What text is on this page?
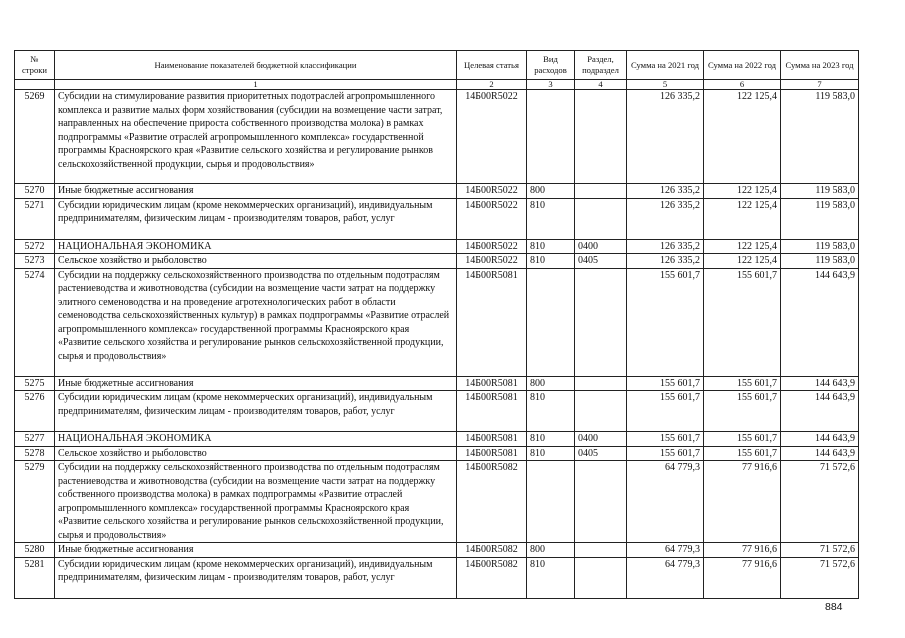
№ строки	Наименование показателей бюджетной классификации	Целевая статья	Вид расходов	Раздел, подраздел	Сумма на 2021 год	Сумма на 2022 год	Сумма на 2023 год
	1	2	3	4	5	6	7
5269	Субсидии на стимулирование развития приоритетных подотраслей агропромышленного комплекса и развитие малых форм хозяйствования (субсидии на возмещение части затрат, направленных на обеспечение прироста собственного производства молока) в рамках подпрограммы «Развитие отраслей агропромышленного комплекса» государственной программы Красноярского края «Развитие сельского хозяйства и регулирование рынков сельскохозяйственной продукции, сырья и продовольствия»	14Б00R5022			126 335,2	122 125,4	119 583,0
5270	Иные бюджетные ассигнования	14Б00R5022	800		126 335,2	122 125,4	119 583,0
5271	Субсидии юридическим лицам (кроме некоммерческих организаций), индивидуальным предпринимателям, физическим лицам - производителям товаров, работ, услуг	14Б00R5022	810		126 335,2	122 125,4	119 583,0
5272	НАЦИОНАЛЬНАЯ ЭКОНОМИКА	14Б00R5022	810	0400	126 335,2	122 125,4	119 583,0
5273	Сельское хозяйство и рыболовство	14Б00R5022	810	0405	126 335,2	122 125,4	119 583,0
5274	Субсидии на поддержку сельскохозяйственного производства по отдельным подотраслям растениеводства и животноводства (субсидии на возмещение части затрат на поддержку элитного семеноводства и на проведение агротехнологических работ в области семеноводства сельскохозяйственных культур) в рамках подпрограммы «Развитие отраслей агропромышленного комплекса» государственной программы Красноярского края «Развитие сельского хозяйства и регулирование рынков сельскохозяйственной продукции, сырья и продовольствия»	14Б00R5081			155 601,7	155 601,7	144 643,9
5275	Иные бюджетные ассигнования	14Б00R5081	800		155 601,7	155 601,7	144 643,9
5276	Субсидии юридическим лицам (кроме некоммерческих организаций), индивидуальным предпринимателям, физическим лицам - производителям товаров, работ, услуг	14Б00R5081	810		155 601,7	155 601,7	144 643,9
5277	НАЦИОНАЛЬНАЯ ЭКОНОМИКА	14Б00R5081	810	0400	155 601,7	155 601,7	144 643,9
5278	Сельское хозяйство и рыболовство	14Б00R5081	810	0405	155 601,7	155 601,7	144 643,9
5279	Субсидии на поддержку сельскохозяйственного производства по отдельным подотраслям растениеводства и животноводства (субсидии на возмещение части затрат на поддержку собственного производства молока) в рамках подпрограммы «Развитие отраслей агропромышленного комплекса» государственной программы Красноярского края «Развитие сельского хозяйства и регулирование рынков сельскохозяйственной продукции, сырья и продовольствия»	14Б00R5082			64 779,3	77 916,6	71 572,6
5280	Иные бюджетные ассигнования	14Б00R5082	800		64 779,3	77 916,6	71 572,6
5281	Субсидии юридическим лицам (кроме некоммерческих организаций), индивидуальным предпринимателям, физическим лицам - производителям товаров, работ, услуг	14Б00R5082	810		64 779,3	77 916,6	71 572,6
884
